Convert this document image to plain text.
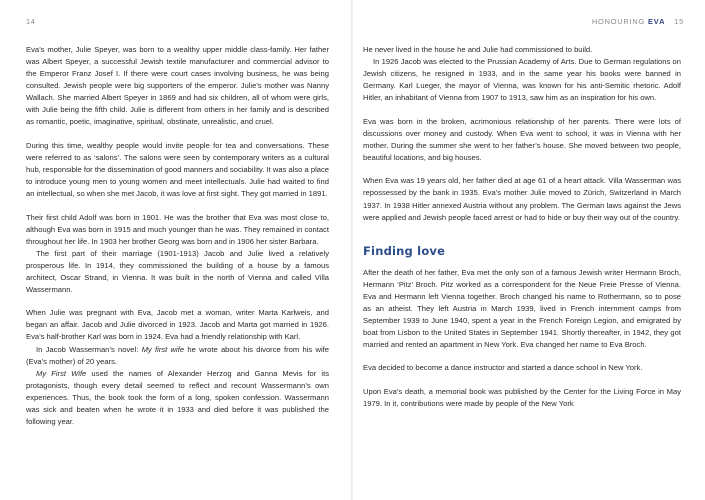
14

Eva’s mother, Julie Speyer, was born to a wealthy upper middle class-family. Her father was Albert Speyer, a successful Jewish textile manufacturer and commercial advisor to the Emperor Franz Josef I. If there were court cases involving business, he was being consulted. Jewish people were big supporters of the emperor. Julie’s mother was Nanny Wallach. She married Albert Speyer in 1869 and had six children, all of whom were girls, with Julie being the fifth child. Julie is different from others in her family and is described as romantic, poetic, imaginative, spiritual, obstinate, unrealistic, and cruel.

During this time, wealthy people would invite people for tea and conversations. These were referred to as ‘salons’. The salons were seen by contemporary writers as a cultural hub, responsible for the dissemination of good manners and sociability. It was also a place to introduce young men to young women and meet intellectuals. Julie had waited to find an intellectual, so when she met Jacob, it was love at first sight. They got married in 1891.

Their first child Adolf was born in 1901. He was the brother that Eva was most close to, although Eva was born in 1915 and much younger than he was. They remained in contact throughout her life. In 1903 her brother Georg was born and in 1906 her sister Barbara.

The first part of their marriage (1901-1913) Jacob and Julie lived a relatively prosperous life. In 1914, they commissioned the building of a house by a famous architect, Oscar Strand, in Vienna. It was built in the north of Vienna and called Villa Wassermann.

When Julie was pregnant with Eva, Jacob met a woman, writer Marta Karlweis, and began an affair. Jacob and Julie divorced in 1923. Jacob and Marta got married in 1926. Eva’s half-brother Karl was born in 1924. Eva had a friendly relationship with Karl.

In Jacob Wasserman’s novel: My first wife he wrote about his divorce from his wife (Eva’s mother) of 20 years.

My First Wife used the names of Alexander Herzog and Ganna Mevis for its protagonists, though every detail seemed to reflect and recount Wassermann’s own experiences. Thus, the book took the form of a long, spoken confession. Wassermann was sick and beaten when he wrote it in 1933 and died before it was published the following year.

HONOURING EVA 15

He never lived in the house he and Julie had commissioned to build.

In 1926 Jacob was elected to the Prussian Academy of Arts. Due to German regulations on Jewish citizens, he resigned in 1933, and in the same year his books were banned in Germany. Karl Lueger, the mayor of Vienna, was known for his anti-Semitic rhetoric. Adolf Hitler, an inhabitant of Vienna from 1907 to 1913, saw him as an inspiration for his own.

Eva was born in the broken, acrimonious relationship of her parents. There were lots of discussions over money and custody. When Eva went to school, it was in Vienna with her mother. During the summer she went to her father’s house. She moved between two people, beautiful locations, and big houses.

When Eva was 19 years old, her father died at age 61 of a heart attack. Villa Wasserman was repossessed by the bank in 1935. Eva’s mother Julie moved to Zürich, Switzerland in March 1937. In 1938 Hitler annexed Austria without any problem. The German laws against the Jews were applied and Jewish people faced arrest or had to hide or buy their way out of the country.

Finding love

After the death of her father, Eva met the only son of a famous Jewish writer Hermann Broch, Hermann ‘Pitz’ Broch. Pitz worked as a correspondent for the Neue Freie Presse of Vienna. Eva and Hermann left Vienna together. Broch changed his name to Rothermann, so to pose as an atheist. They left Austria in March 1939, lived in French internment camps from September 1939 to June 1940, spent a year in the French Foreign Legion, and emigrated by boat from Lisbon to the United States in September 1941. Shortly thereafter, in 1942, they got married and rented an apartment in New York. Eva changed her name to Eva Broch.

Eva decided to become a dance instructor and started a dance school in New York.

Upon Eva’s death, a memorial book was published by the Center for the Living Force in May 1979. In it, contributions were made by people of the New York
